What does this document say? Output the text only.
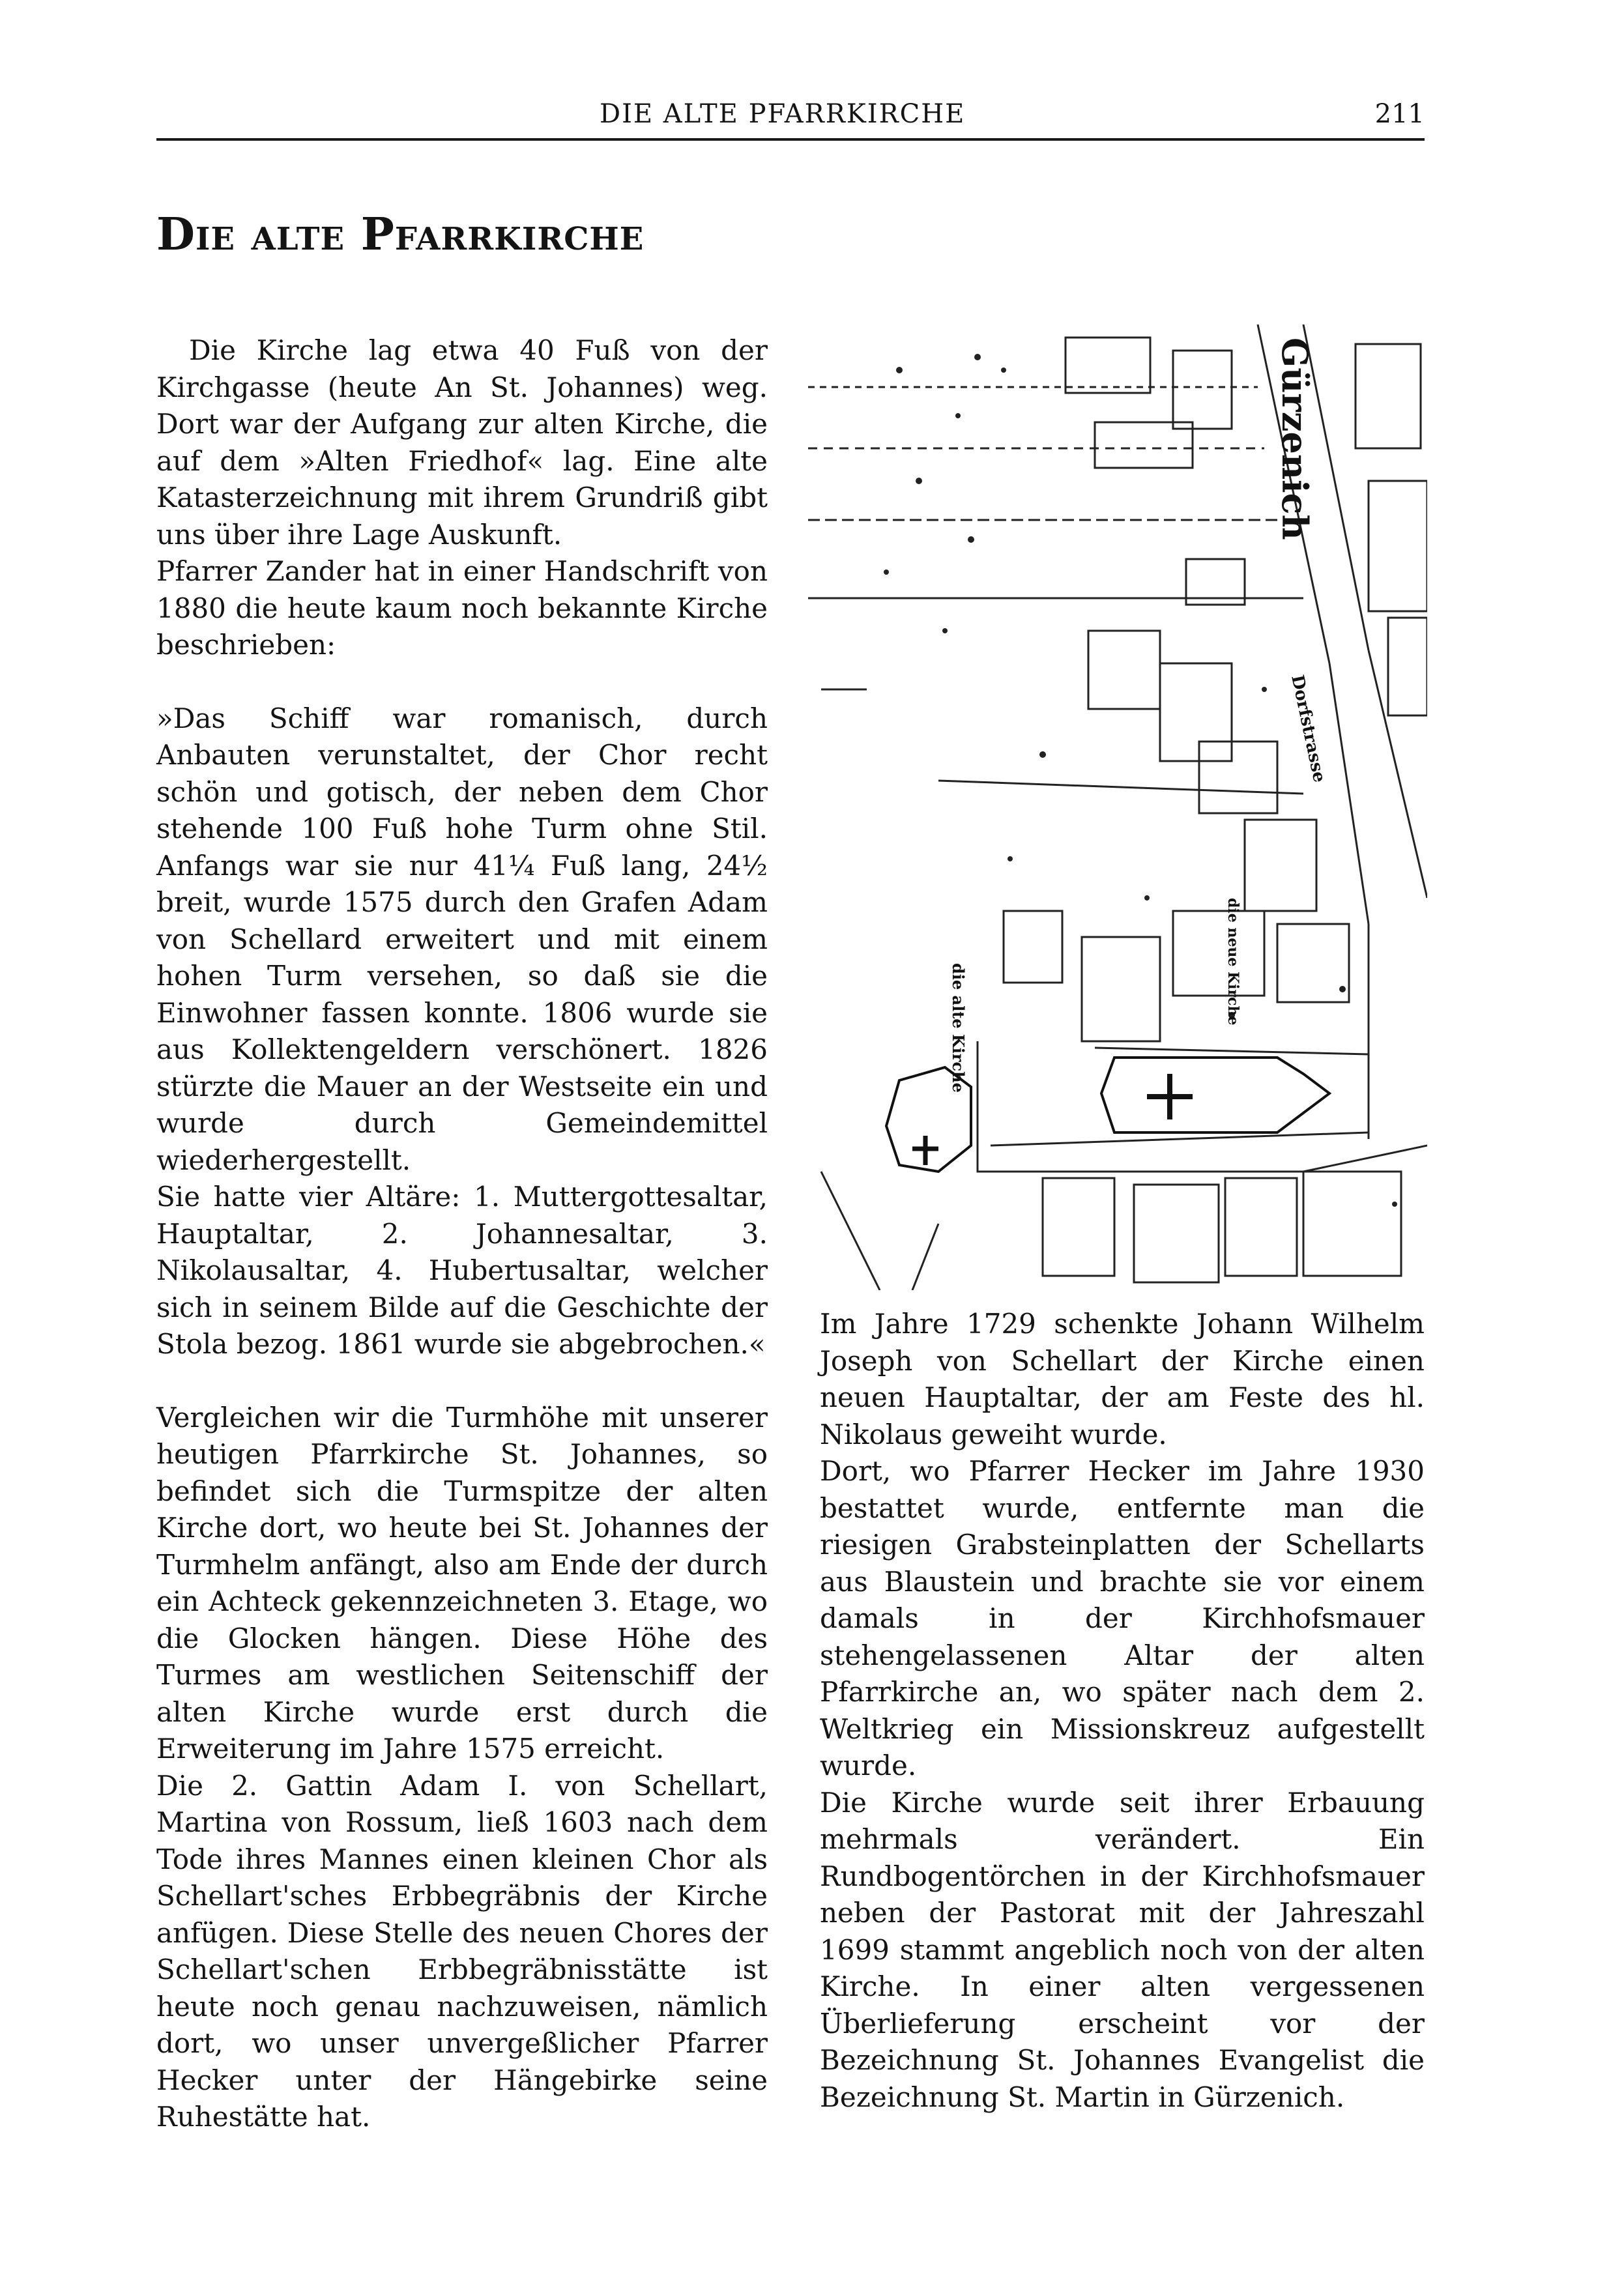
DIE ALTE PFARRKIRCHE	211
Die alte Pfarrkirche

Die Kirche lag etwa 40 Fuß von der Kirchgasse (heute An St. Johannes) weg. Dort war der Aufgang zur alten Kirche, die auf dem »Alten Friedhof« lag. Eine alte Katasterzeichnung mit ihrem Grundriß gibt uns über ihre Lage Auskunft.

Pfarrer Zander hat in einer Handschrift von 1880 die heute kaum noch bekannte Kirche beschrieben:

»Das Schiff war romanisch, durch Anbauten verunstaltet, der Chor recht schön und gotisch, der neben dem Chor stehende 100 Fuß hohe Turm ohne Stil. Anfangs war sie nur 41¼ Fuß lang, 24½ breit, wurde 1575 durch den Grafen Adam von Schellard erweitert und mit einem hohen Turm versehen, so daß sie die Einwohner fassen konnte. 1806 wurde sie aus Kollektengeldern verschönert. 1826 stürzte die Mauer an der Westseite ein und wurde durch Gemeindemittel wiederhergestellt.

Sie hatte vier Altäre: 1. Muttergottesaltar, Hauptaltar, 2. Johannesaltar, 3. Nikolausaltar, 4. Hubertusaltar, welcher sich in seinem Bilde auf die Geschichte der Stola bezog. 1861 wurde sie abgebrochen.«

Vergleichen wir die Turmhöhe mit unserer heutigen Pfarrkirche St. Johannes, so befindet sich die Turmspitze der alten Kirche dort, wo heute bei St. Johannes der Turmhelm anfängt, also am Ende der durch ein Achteck gekennzeichneten 3. Etage, wo die Glocken hängen. Diese Höhe des Turmes am westlichen Seitenschiff der alten Kirche wurde erst durch die Erweiterung im Jahre 1575 erreicht.

Die 2. Gattin Adam I. von Schellart, Martina von Rossum, ließ 1603 nach dem Tode ihres Mannes einen kleinen Chor als Schellart'sches Erbbegräbnis der Kirche anfügen. Diese Stelle des neuen Chores der Schellart'schen Erbbegräbnisstätte ist heute noch genau nachzuweisen, nämlich dort, wo unser unvergeßlicher Pfarrer Hecker unter der Hängebirke seine Ruhestätte hat.

Gürzenich
Dorfstrasse
die alte Kirche
die neue Kirche

Im Jahre 1729 schenkte Johann Wilhelm Joseph von Schellart der Kirche einen neuen Hauptaltar, der am Feste des hl. Nikolaus geweiht wurde.

Dort, wo Pfarrer Hecker im Jahre 1930 bestattet wurde, entfernte man die riesigen Grabsteinplatten der Schellarts aus Blaustein und brachte sie vor einem damals in der Kirchhofsmauer stehengelassenen Altar der alten Pfarrkirche an, wo später nach dem 2. Weltkrieg ein Missionskreuz aufgestellt wurde.

Die Kirche wurde seit ihrer Erbauung mehrmals verändert. Ein Rundbogentörchen in der Kirchhofsmauer neben der Pastorat mit der Jahreszahl 1699 stammt angeblich noch von der alten Kirche. In einer alten vergessenen Überlieferung erscheint vor der Bezeichnung St. Johannes Evangelist die Bezeichnung St. Martin in Gürzenich.
